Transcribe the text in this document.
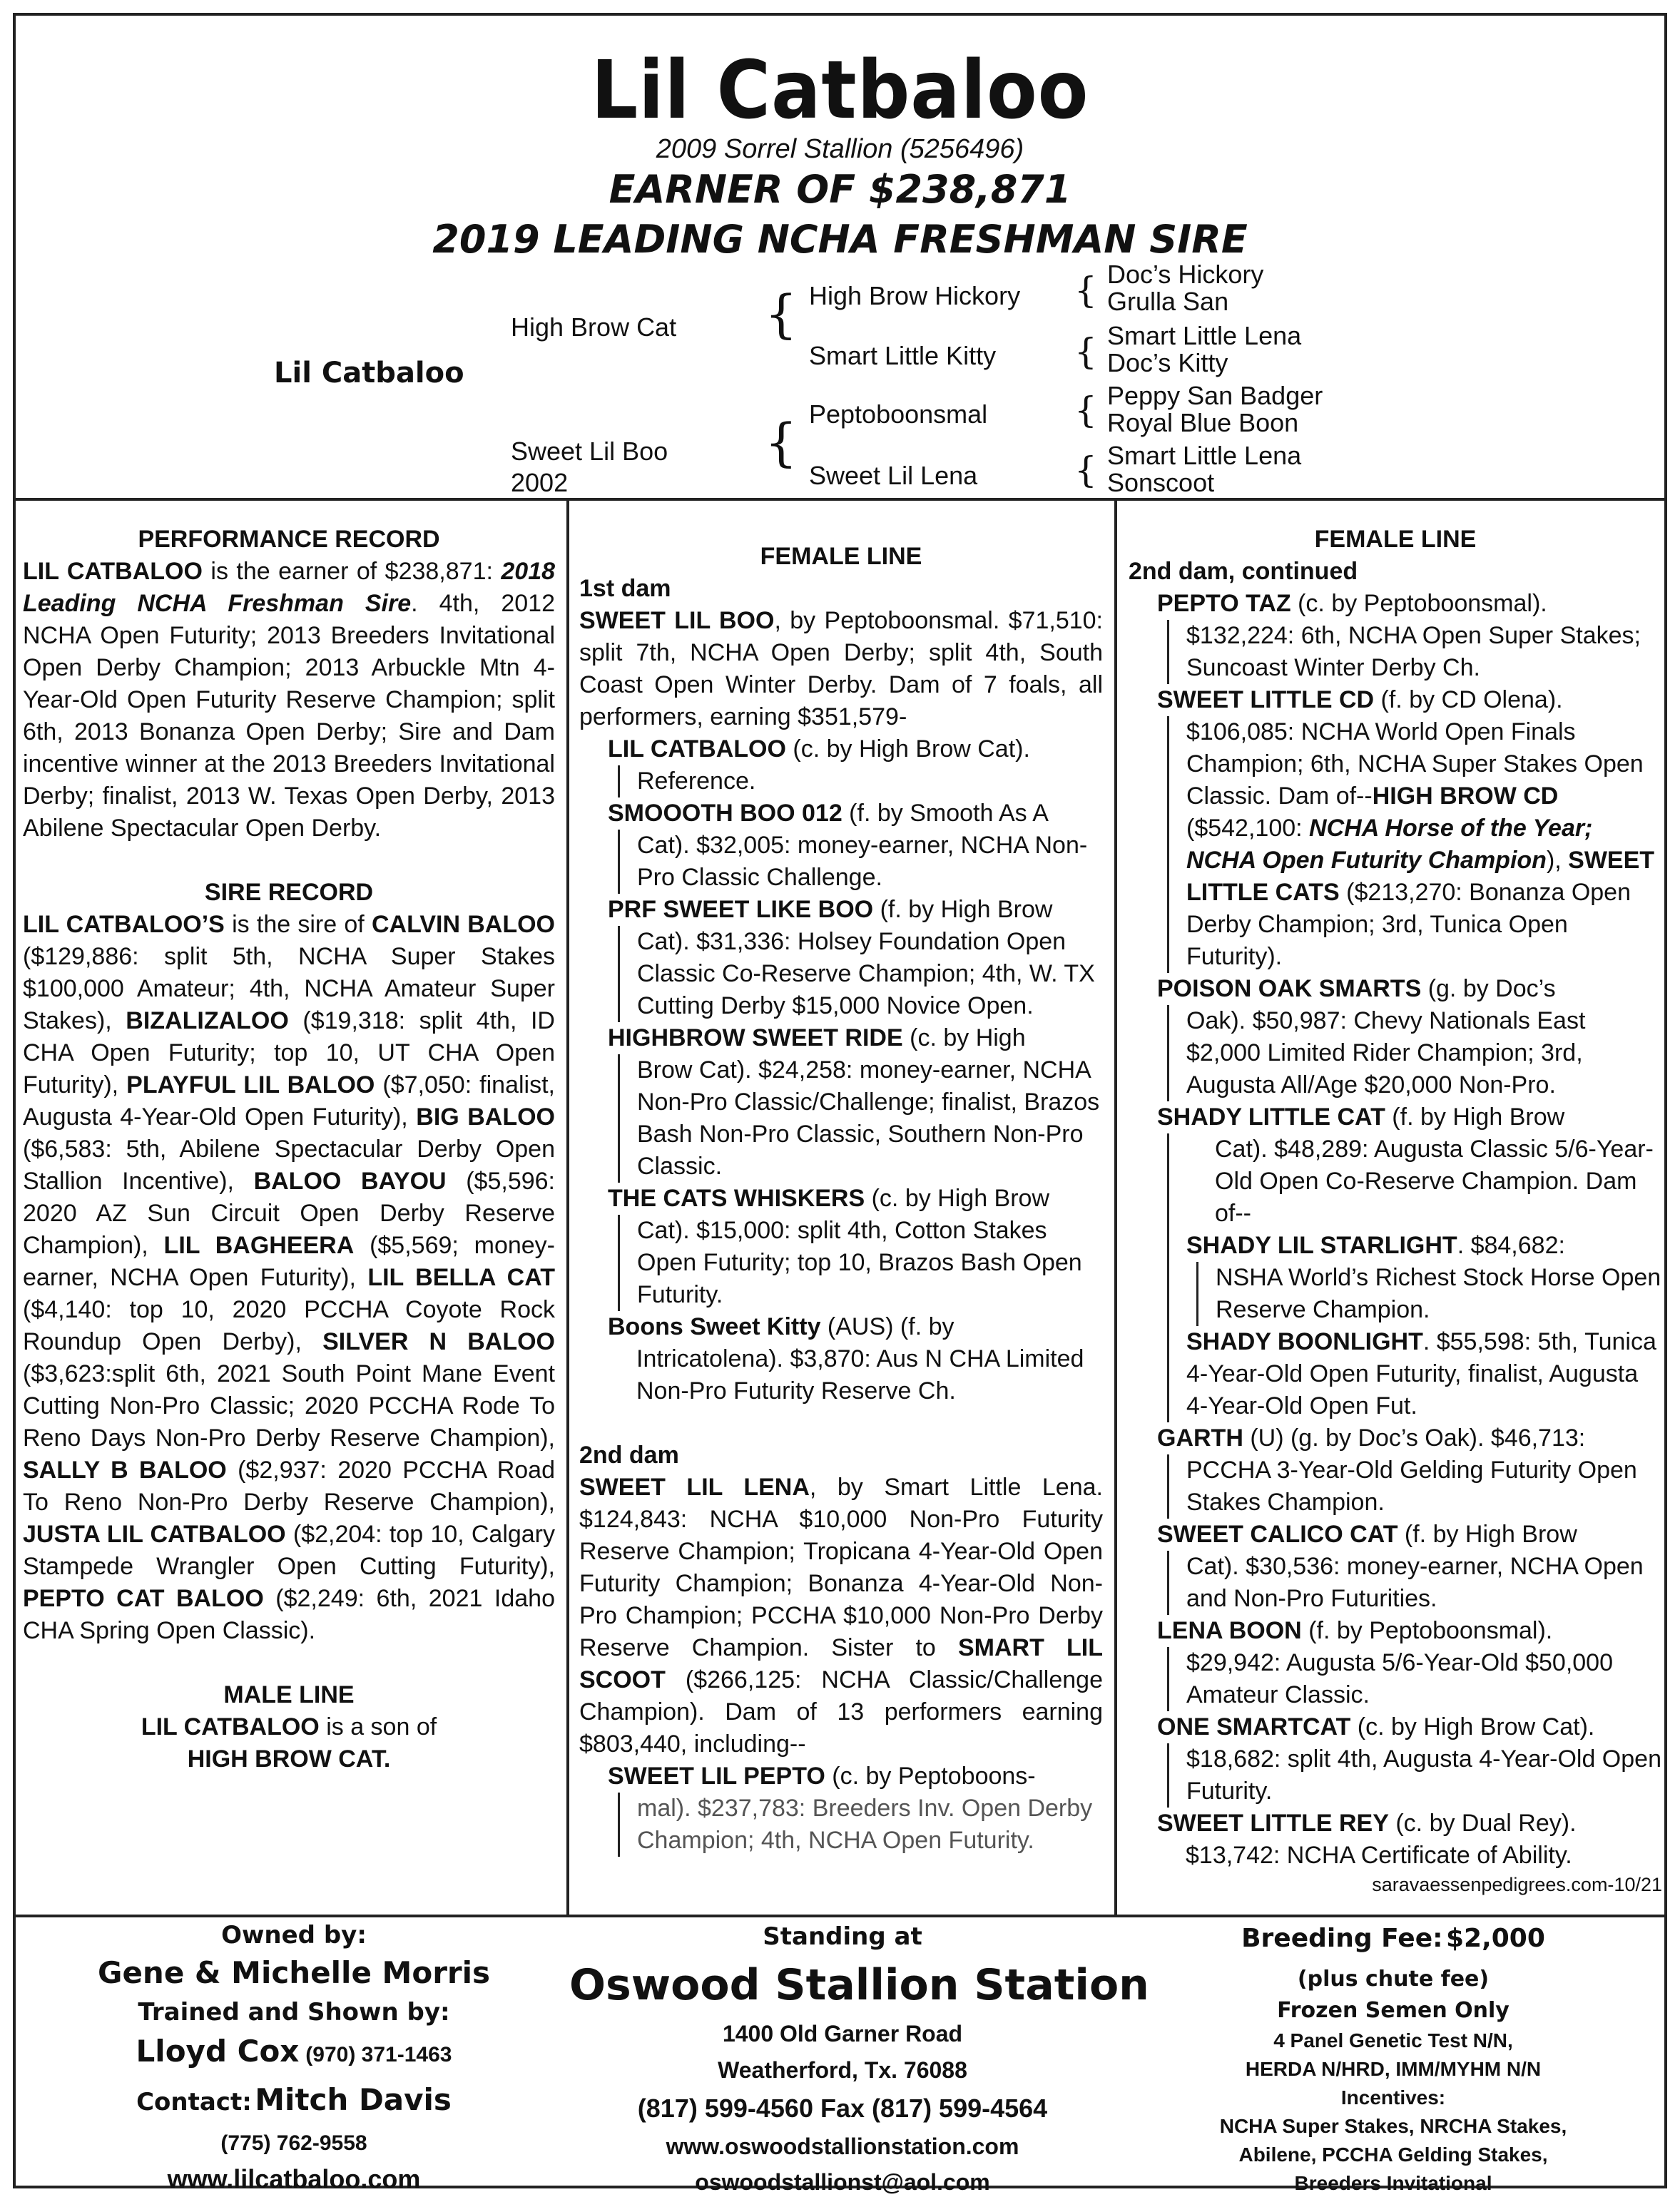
Lil Catbaloo
2009 Sorrel Stallion (5256496)
EARNER OF $238,871
2019 LEADING NCHA FRESHMAN SIRE
Lil Catbaloo
High Brow Cat
Sweet Lil Boo
2002
{
{
High Brow Hickory
Smart Little Kitty
Peptoboonsmal
Sweet Lil Lena
{
{
{
{
Doc’s Hickory
Grulla San
Smart Little Lena
Doc’s Kitty
Peppy San Badger
Royal Blue Boon
Smart Little Lena
Sonscoot
PERFORMANCE RECORD

LIL CATBALOO is the earner of $238,871: 2018 Leading NCHA Freshman Sire. 4th, 2012 NCHA Open Futurity; 2013 Breeders Invitational Open Derby Champion; 2013 Arbuckle Mtn 4-Year-Old Open Futurity Reserve Champion; split 6th, 2013 Bonanza Open Derby; Sire and Dam incentive winner at the 2013 Breeders Invitational Derby; finalist, 2013 W. Texas Open Derby, 2013 Abilene Spectacular Open Derby.

SIRE RECORD

LIL CATBALOO’S is the sire of CALVIN BALOO ($129,886: split 5th, NCHA Super Stakes $100,000 Amateur; 4th, NCHA Amateur Super Stakes), BIZALIZALOO ($19,318: split 4th, ID CHA Open Futurity; top 10, UT CHA Open Futurity), PLAYFUL LIL BALOO ($7,050: finalist, Augusta 4-Year-Old Open Futurity), BIG BALOO ($6,583: 5th, Abilene Spectacular Derby Open Stallion Incentive), BALOO BAYOU ($5,596: 2020 AZ Sun Circuit Open Derby Reserve Champion), LIL BAGHEERA ($5,569; money-earner, NCHA Open Futurity), LIL BELLA CAT ($4,140: top 10, 2020 PCCHA Coyote Rock Roundup Open Derby), SILVER N BALOO ($3,623:split 6th, 2021 South Point Mane Event Cutting Non-Pro Classic; 2020 PCCHA Rode To Reno Days Non-Pro Derby Reserve Champion), SALLY B BALOO ($2,937: 2020 PCCHA Road To Reno Non-Pro Derby Reserve Champion), JUSTA LIL CATBALOO ($2,204: top 10, Calgary Stampede Wrangler Open Cutting Futurity), PEPTO CAT BALOO ($2,249: 6th, 2021 Idaho CHA Spring Open Classic).

MALE LINE
LIL CATBALOO is a son of
HIGH BROW CAT.
FEMALE LINE
1st dam

SWEET LIL BOO, by Peptoboonsmal. $71,510: split 7th, NCHA Open Derby; split 4th, South Coast Open Winter Derby. Dam of 7 foals, all performers, earning $351,579-

LIL CATBALOO (c. by High Brow Cat).
Reference.
SMOOOTH BOO 012 (f. by Smooth As A
Cat). $32,005: money-earner, NCHA Non-Pro Classic Challenge.
PRF SWEET LIKE BOO (f. by High Brow
Cat). $31,336: Holsey Foundation Open Classic Co-Reserve Champion; 4th, W. TX Cutting Derby $15,000 Novice Open.
HIGHBROW SWEET RIDE (c. by High
Brow Cat). $24,258: money-earner, NCHA Non-Pro Classic/Challenge; finalist, Brazos Bash Non-Pro Classic, Southern Non-Pro Classic.
THE CATS WHISKERS (c. by High Brow
Cat). $15,000: split 4th, Cotton Stakes Open Futurity; top 10, Brazos Bash Open Futurity.
Boons Sweet Kitty (AUS) (f. by
Intricatolena). $3,870: Aus N CHA Limited Non-Pro Futurity Reserve Ch.
2nd dam

SWEET LIL LENA, by Smart Little Lena. $124,843: NCHA $10,000 Non-Pro Futurity Reserve Champion; Tropicana 4-Year-Old Open Futurity Champion; Bonanza 4-Year-Old Non-Pro Champion; PCCHA $10,000 Non-Pro Derby Reserve Champion. Sister to SMART LIL SCOOT ($266,125: NCHA Classic/Challenge Champion). Dam of 13 performers earning $803,440, including--

SWEET LIL PEPTO (c. by Peptoboons-
mal). $237,783: Breeders Inv. Open Derby Champion; 4th, NCHA Open Futurity.
FEMALE LINE
2nd dam, continued
PEPTO TAZ (c. by Peptoboonsmal).
$132,224: 6th, NCHA Open Super Stakes; Suncoast Winter Derby Ch.
SWEET LITTLE CD (f. by CD Olena).
$106,085: NCHA World Open Finals Champion; 6th, NCHA Super Stakes Open Classic. Dam of--HIGH BROW CD ($542,100: NCHA Horse of the Year; NCHA Open Futurity Champion), SWEET LITTLE CATS ($213,270: Bonanza Open Derby Champion; 3rd, Tunica Open Futurity).
POISON OAK SMARTS (g. by Doc’s
Oak). $50,987: Chevy Nationals East $2,000 Limited Rider Champion; 3rd, Augusta All/Age $20,000 Non-Pro.
SHADY LITTLE CAT (f. by High Brow
Cat). $48,289: Augusta Classic 5/6-Year-Old Open Co-Reserve Champion. Dam of--
SHADY LIL STARLIGHT. $84,682:
NSHA World’s Richest Stock Horse Open Reserve Champion.
SHADY BOONLIGHT. $55,598: 5th, Tunica 4-Year-Old Open Futurity, finalist, Augusta 4-Year-Old Open Fut.
GARTH (U) (g. by Doc’s Oak). $46,713:
PCCHA 3-Year-Old Gelding Futurity Open Stakes Champion.
SWEET CALICO CAT (f. by High Brow
Cat). $30,536: money-earner, NCHA Open and Non-Pro Futurities.
LENA BOON (f. by Peptoboonsmal).
$29,942: Augusta 5/6-Year-Old $50,000 Amateur Classic.
ONE SMARTCAT (c. by High Brow Cat).
$18,682: split 4th, Augusta 4-Year-Old Open Futurity.
SWEET LITTLE REY (c. by Dual Rey).
$13,742: NCHA Certificate of Ability.
saravaessenpedigrees.com-10/21
Owned by:
Gene & Michelle Morris
Trained and Shown by:
Lloyd Cox (970) 371-1463
Contact: Mitch Davis
(775) 762-9558
www.lilcatbaloo.com
Standing at
Oswood Stallion Station
1400 Old Garner Road
Weatherford, Tx. 76088
(817) 599-4560 Fax (817) 599-4564
www.oswoodstallionstation.com
oswoodstallionst@aol.com
Breeding Fee: $2,000
(plus chute fee)
Frozen Semen Only
4 Panel Genetic Test N/N,
HERDA N/HRD, IMM/MYHM N/N
Incentives:
NCHA Super Stakes, NRCHA Stakes,
Abilene, PCCHA Gelding Stakes,
Breeders Invitational
